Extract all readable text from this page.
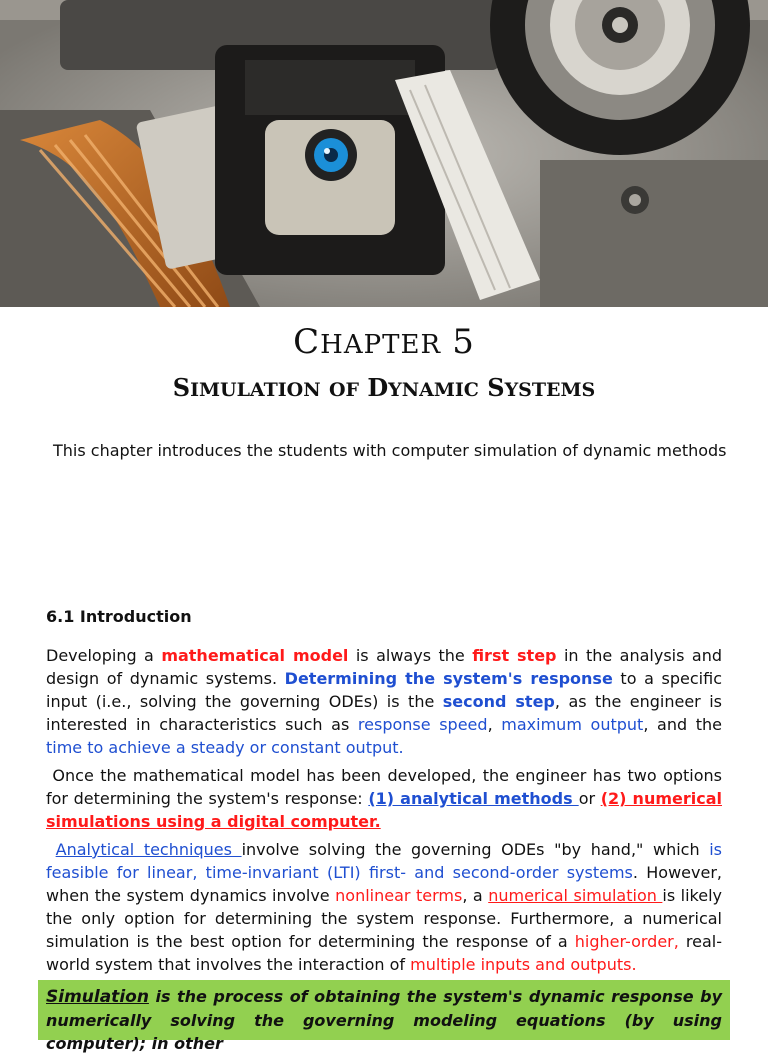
CHAPTER 5
SIMULATION OF DYNAMIC SYSTEMS
This chapter introduces the students with computer simulation of dynamic methods
6.1 Introduction
Developing a mathematical model is always the first step in the analysis and design of dynamic systems. Determining the system's response to a specific input (i.e., solving the governing ODEs) is the second step, as the engineer is interested in characteristics such as response speed, maximum output, and the time to achieve a steady or constant output.
Once the mathematical model has been developed, the engineer has two options for determining the system's response: (1) analytical methods or (2) numerical simulations using a digital computer.
Analytical techniques involve solving the governing ODEs "by hand," which is feasible for linear, time-invariant (LTI) first- and second-order systems. However, when the system dynamics involve nonlinear terms, a numerical simulation is likely the only option for determining the system response. Furthermore, a numerical simulation is the best option for determining the response of a higher-order, real-world system that involves the interaction of multiple inputs and outputs.
Simulation is the process of obtaining the system's dynamic response by numerically solving the governing modeling equations (by using computer); in other
